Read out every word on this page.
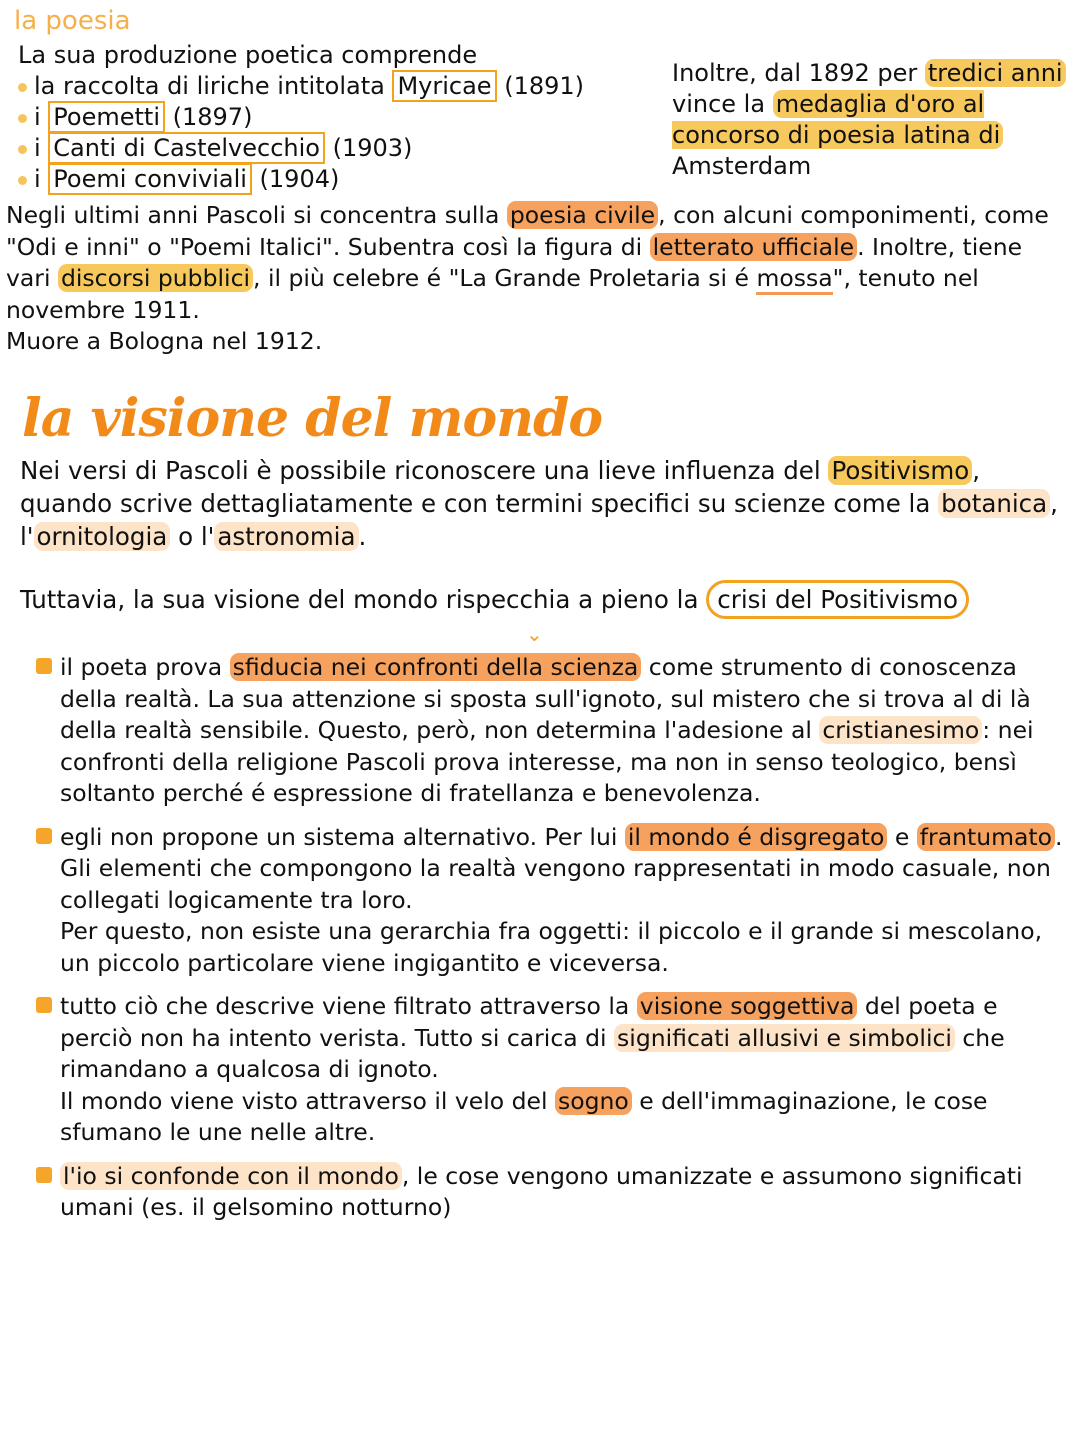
la poesia
La sua produzione poetica comprende
la raccolta di liriche intitolata Myricae (1891)
i Poemetti (1897)
i Canti di Castelvecchio (1903)
i Poemi conviviali (1904)
Inoltre, dal 1892 per tredici anni vince la medaglia d'oro al concorso di poesia latina di Amsterdam
Negli ultimi anni Pascoli si concentra sulla poesia civile , con alcuni componimenti, come "Odi e inni" o "Poemi Italici". Subentra così la figura di letterato ufficiale . Inoltre, tiene vari discorsi pubblici , il più celebre é "La Grande Proletaria si é mossa", tenuto nel novembre 1911.
Muore a Bologna nel 1912.
la visione del mondo
Nei versi di Pascoli è possibile riconoscere una lieve influenza del Positivismo , quando scrive dettagliatamente e con termini specifici su scienze come la botanica , l' ornitologia o l' astronomia .
Tuttavia, la sua visione del mondo rispecchia a pieno la crisi del Positivismo
⌄
il poeta prova sfiducia nei confronti della scienza come strumento di conoscenza della realtà. La sua attenzione si sposta sull'ignoto, sul mistero che si trova al di là della realtà sensibile. Questo, però, non determina l'adesione al cristianesimo : nei confronti della religione Pascoli prova interesse, ma non in senso teologico, bensì soltanto perché é espressione di fratellanza e benevolenza.
egli non propone un sistema alternativo. Per lui il mondo é disgregato e frantumato . Gli elementi che compongono la realtà vengono rappresentati in modo casuale, non collegati logicamente tra loro.
Per questo, non esiste una gerarchia fra oggetti: il piccolo e il grande si mescolano, un piccolo particolare viene ingigantito e viceversa.
tutto ciò che descrive viene filtrato attraverso la visione soggettiva del poeta e perciò non ha intento verista. Tutto si carica di significati allusivi e simbolici che rimandano a qualcosa di ignoto.
Il mondo viene visto attraverso il velo del sogno e dell'immaginazione, le cose sfumano le une nelle altre.
l'io si confonde con il mondo , le cose vengono umanizzate e assumono significati umani (es. il gelsomino notturno)
